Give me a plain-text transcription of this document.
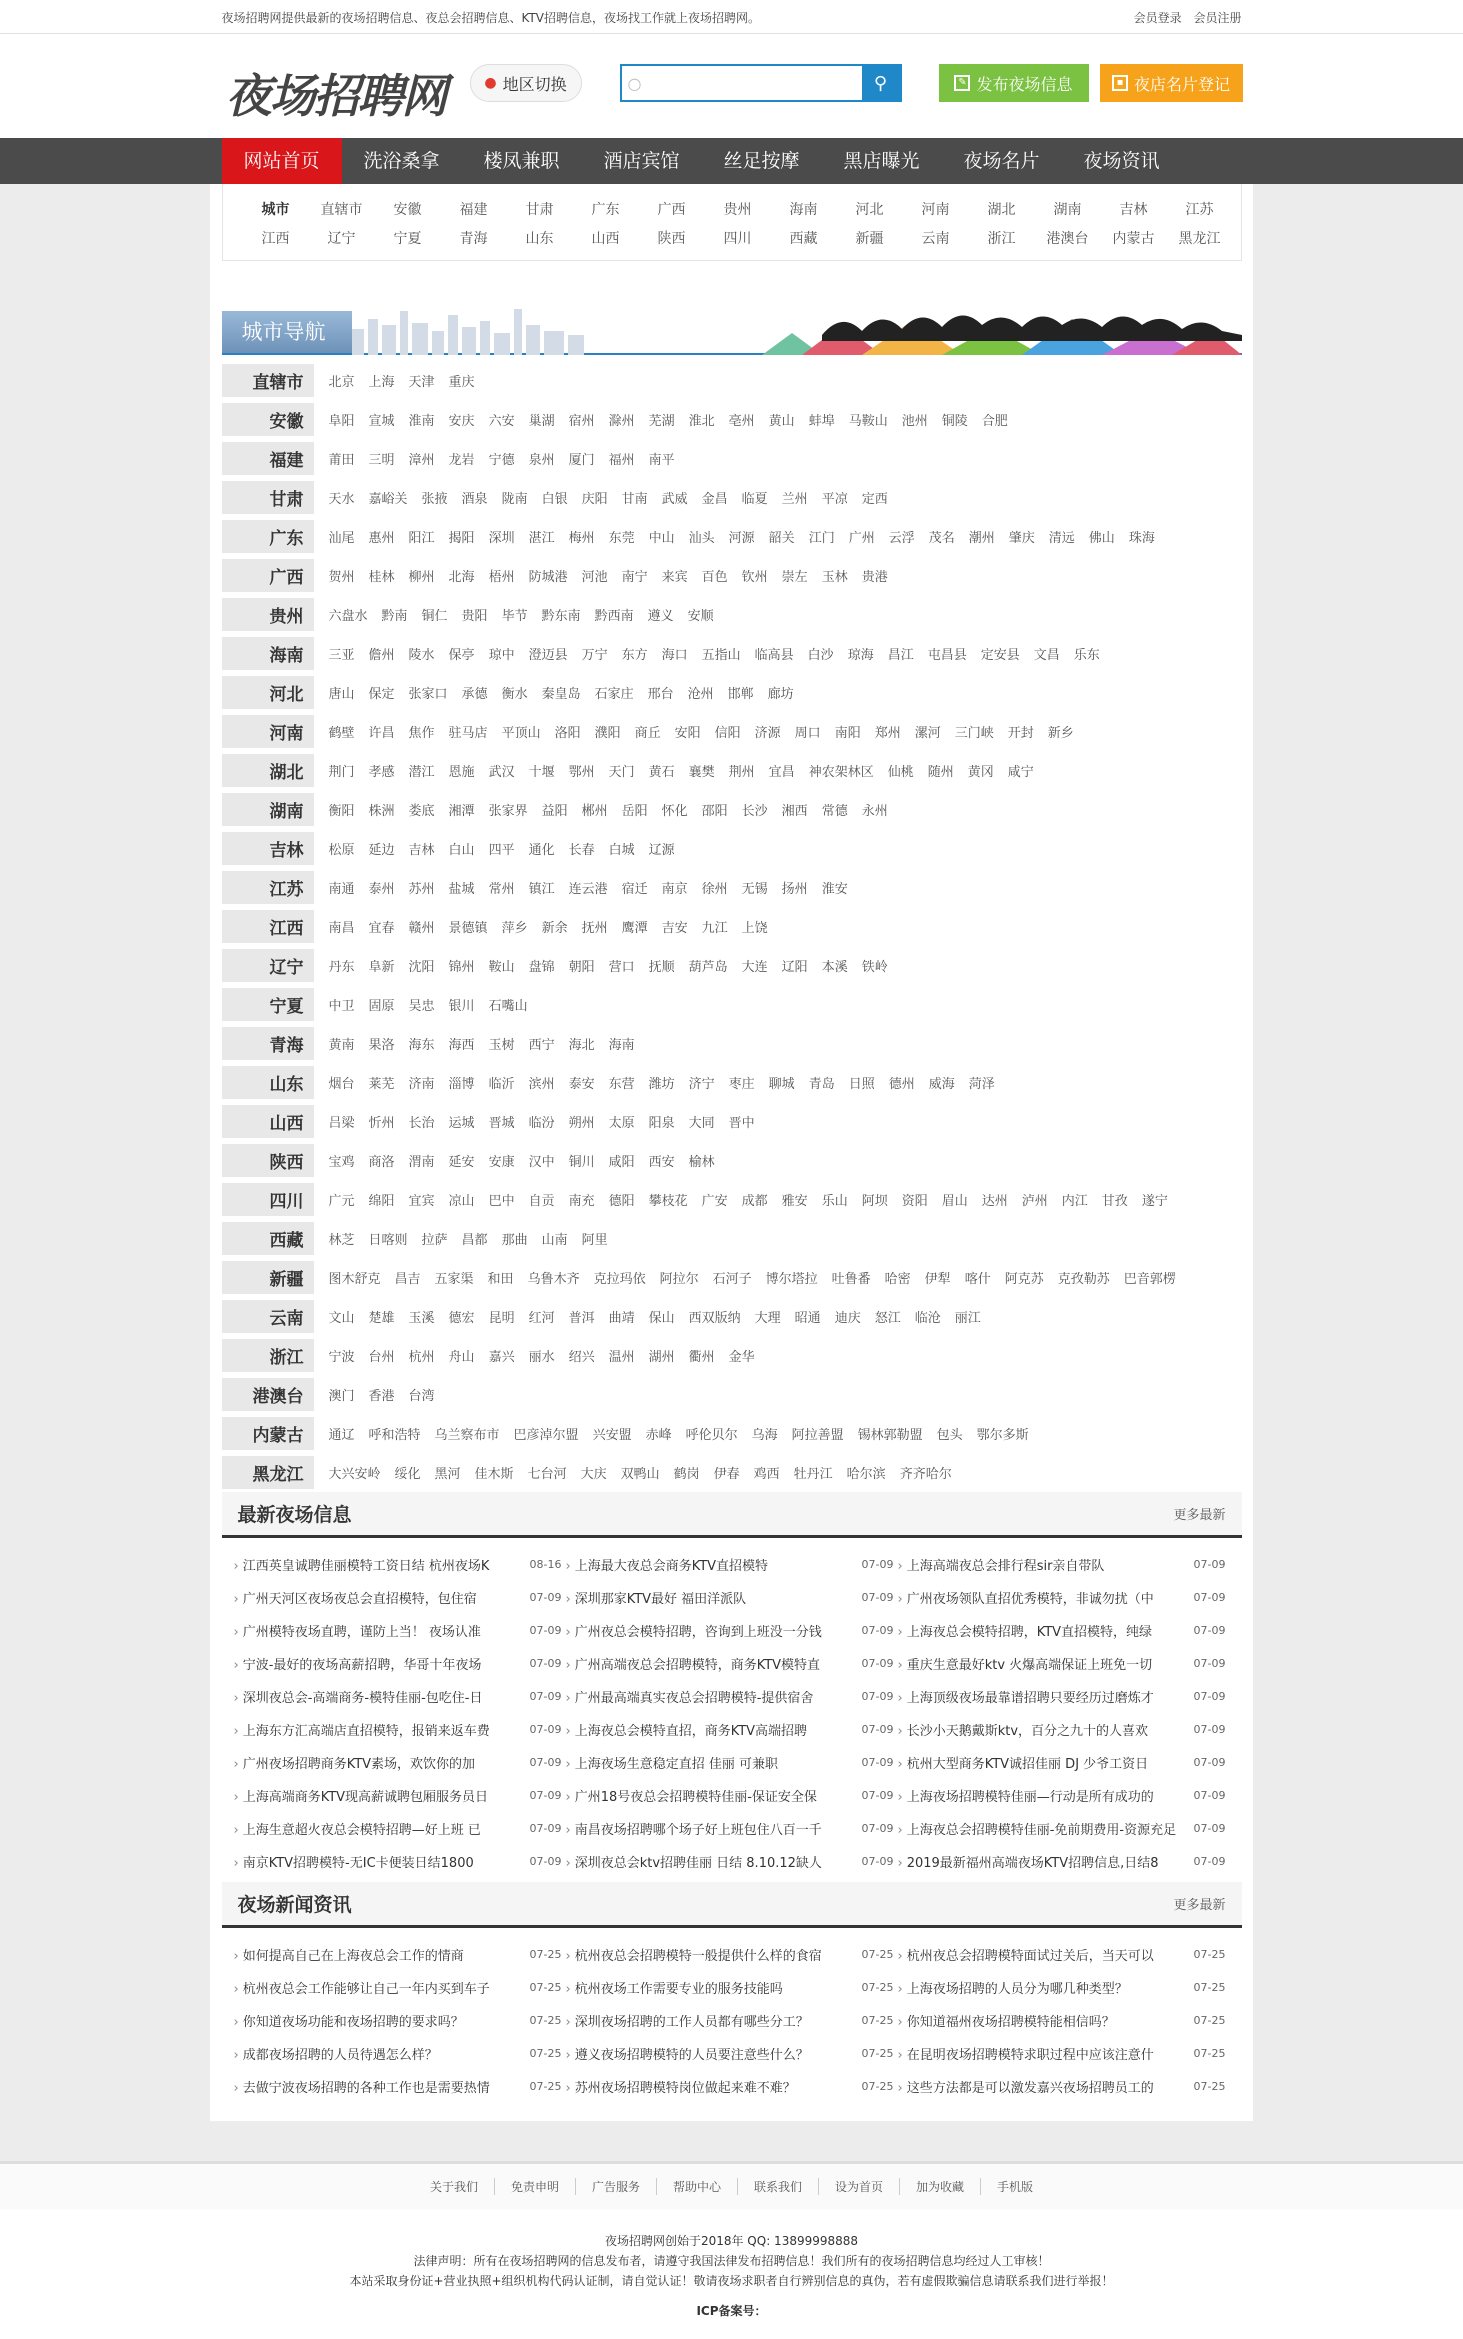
夜场招聘网提供最新的夜场招聘信息、夜总会招聘信息、KTV招聘信息，夜场找工作就上夜场招聘网。	会员登录 会员注册
夜场招聘网	● 地区切换	○	⚲	✎ 发布夜场信息	▪ 夜店名片登记
网站首页	洗浴桑拿	楼凤兼职	酒店宾馆	丝足按摩	黑店曝光	夜场名片	夜场资讯
城市	直辖市	安徽	福建	甘肃	广东	广西	贵州	海南	河北	河南	湖北	湖南	吉林	江苏
江西	辽宁	宁夏	青海	山东	山西	陕西	四川	西藏	新疆	云南	浙江	港澳台	内蒙古	黑龙江
城市导航
直辖市	北京 上海 天津 重庆
安徽	阜阳 宣城 淮南 安庆 六安 巢湖 宿州 滁州 芜湖 淮北 亳州 黄山 蚌埠 马鞍山 池州 铜陵 合肥
福建	莆田 三明 漳州 龙岩 宁德 泉州 厦门 福州 南平
甘肃	天水 嘉峪关 张掖 酒泉 陇南 白银 庆阳 甘南 武威 金昌 临夏 兰州 平凉 定西
广东	汕尾 惠州 阳江 揭阳 深圳 湛江 梅州 东莞 中山 汕头 河源 韶关 江门 广州 云浮 茂名 潮州 肇庆 清远 佛山 珠海
广西	贺州 桂林 柳州 北海 梧州 防城港 河池 南宁 来宾 百色 钦州 崇左 玉林 贵港
贵州	六盘水 黔南 铜仁 贵阳 毕节 黔东南 黔西南 遵义 安顺
海南	三亚 儋州 陵水 保亭 琼中 澄迈县 万宁 东方 海口 五指山 临高县 白沙 琼海 昌江 屯昌县 定安县 文昌 乐东
河北	唐山 保定 张家口 承德 衡水 秦皇岛 石家庄 邢台 沧州 邯郸 廊坊
河南	鹤壁 许昌 焦作 驻马店 平顶山 洛阳 濮阳 商丘 安阳 信阳 济源 周口 南阳 郑州 漯河 三门峡 开封 新乡
湖北	荆门 孝感 潜江 恩施 武汉 十堰 鄂州 天门 黄石 襄樊 荆州 宜昌 神农架林区 仙桃 随州 黄冈 咸宁
湖南	衡阳 株洲 娄底 湘潭 张家界 益阳 郴州 岳阳 怀化 邵阳 长沙 湘西 常德 永州
吉林	松原 延边 吉林 白山 四平 通化 长春 白城 辽源
江苏	南通 泰州 苏州 盐城 常州 镇江 连云港 宿迁 南京 徐州 无锡 扬州 淮安
江西	南昌 宜春 赣州 景德镇 萍乡 新余 抚州 鹰潭 吉安 九江 上饶
辽宁	丹东 阜新 沈阳 锦州 鞍山 盘锦 朝阳 营口 抚顺 葫芦岛 大连 辽阳 本溪 铁岭
宁夏	中卫 固原 吴忠 银川 石嘴山
青海	黄南 果洛 海东 海西 玉树 西宁 海北 海南
山东	烟台 莱芜 济南 淄博 临沂 滨州 泰安 东营 潍坊 济宁 枣庄 聊城 青岛 日照 德州 威海 菏泽
山西	吕梁 忻州 长治 运城 晋城 临汾 朔州 太原 阳泉 大同 晋中
陕西	宝鸡 商洛 渭南 延安 安康 汉中 铜川 咸阳 西安 榆林
四川	广元 绵阳 宜宾 凉山 巴中 自贡 南充 德阳 攀枝花 广安 成都 雅安 乐山 阿坝 资阳 眉山 达州 泸州 内江 甘孜 遂宁
西藏	林芝 日喀则 拉萨 昌都 那曲 山南 阿里
新疆	图木舒克 昌吉 五家渠 和田 乌鲁木齐 克拉玛依 阿拉尔 石河子 博尔塔拉 吐鲁番 哈密 伊犁 喀什 阿克苏 克孜勒苏 巴音郭楞
云南	文山 楚雄 玉溪 德宏 昆明 红河 普洱 曲靖 保山 西双版纳 大理 昭通 迪庆 怒江 临沧 丽江
浙江	宁波 台州 杭州 舟山 嘉兴 丽水 绍兴 温州 湖州 衢州 金华
港澳台	澳门 香港 台湾
内蒙古	通辽 呼和浩特 乌兰察布市 巴彦淖尔盟 兴安盟 赤峰 呼伦贝尔 乌海 阿拉善盟 锡林郭勒盟 包头 鄂尔多斯
黑龙江	大兴安岭 绥化 黑河 佳木斯 七台河 大庆 双鸭山 鹤岗 伊春 鸡西 牡丹江 哈尔滨 齐齐哈尔
最新夜场信息	更多最新
› 江西英皇诚聘佳丽模特工资日结 杭州夜场K	08-16	› 上海最大夜总会商务KTV直招模特	07-09	› 上海高端夜总会排行程sir亲自带队	07-09
› 广州天河区夜场夜总会直招模特，包住宿	07-09	› 深圳那家KTV最好 福田洋派队	07-09	› 广州夜场领队直招优秀模特，非诚勿扰（中	07-09
› 广州模特夜场直聘，谨防上当！ 夜场认准	07-09	› 广州夜总会模特招聘，咨询到上班没一分钱	07-09	› 上海夜总会模特招聘，KTV直招模特，纯绿	07-09
› 宁波-最好的夜场高薪招聘，华哥十年夜场	07-09	› 广州高端夜总会招聘模特，商务KTV模特直	07-09	› 重庆生意最好ktv 火爆高端保证上班免一切	07-09
› 深圳夜总会-高端商务-模特佳丽-包吃住-日	07-09	› 广州最高端真实夜总会招聘模特-提供宿舍	07-09	› 上海顶级夜场最靠谱招聘只要经历过磨炼才	07-09
› 上海东方汇高端店直招模特，报销来返车费	07-09	› 上海夜总会模特直招，商务KTV高端招聘	07-09	› 长沙小天鹅戴斯ktv，百分之九十的人喜欢	07-09
› 广州夜场招聘商务KTV素场，欢饮你的加	07-09	› 上海夜场生意稳定直招 佳丽 可兼职	07-09	› 杭州大型商务KTV诚招佳丽 DJ 少爷工资日	07-09
› 上海高端商务KTV现高薪诚聘包厢服务员日	07-09	› 广州18号夜总会招聘模特佳丽-保证安全保	07-09	› 上海夜场招聘模特佳丽—行动是所有成功的	07-09
› 上海生意超火夜总会模特招聘—好上班 已	07-09	› 南昌夜场招聘哪个场子好上班包住八百一千	07-09	› 上海夜总会招聘模特佳丽-免前期费用-资源充足	07-09
› 南京KTV招聘模特-无IC卡便装日结1800	07-09	› 深圳夜总会ktv招聘佳丽 日结 8.10.12缺人	07-09	› 2019最新福州高端夜场KTV招聘信息,日结8	07-09
夜场新闻资讯	更多最新
› 如何提高自己在上海夜总会工作的情商	07-25	› 杭州夜总会招聘模特一般提供什么样的食宿	07-25	› 杭州夜总会招聘模特面试过关后，当天可以	07-25
› 杭州夜总会工作能够让自己一年内买到车子	07-25	› 杭州夜场工作需要专业的服务技能吗	07-25	› 上海夜场招聘的人员分为哪几种类型？	07-25
› 你知道夜场功能和夜场招聘的要求吗？	07-25	› 深圳夜场招聘的工作人员都有哪些分工？	07-25	› 你知道福州夜场招聘模特能相信吗？	07-25
› 成都夜场招聘的人员待遇怎么样？	07-25	› 遵义夜场招聘模特的人员要注意些什么？	07-25	› 在昆明夜场招聘模特求职过程中应该注意什	07-25
› 去做宁波夜场招聘的各种工作也是需要热情	07-25	› 苏州夜场招聘模特岗位做起来难不难？	07-25	› 这些方法都是可以激发嘉兴夜场招聘员工的	07-25
关于我们	免责申明	广告服务	帮助中心	联系我们	设为首页	加为收藏	手机版
夜场招聘网创始于2018年 QQ: 13899998888
法律声明：所有在夜场招聘网的信息发布者，请遵守我国法律发布招聘信息！我们所有的夜场招聘信息均经过人工审核！
本站采取身份证+营业执照+组织机构代码认证制，请自觉认证！敬请夜场求职者自行辨别信息的真伪，若有虚假欺骗信息请联系我们进行举报！
ICP备案号：
